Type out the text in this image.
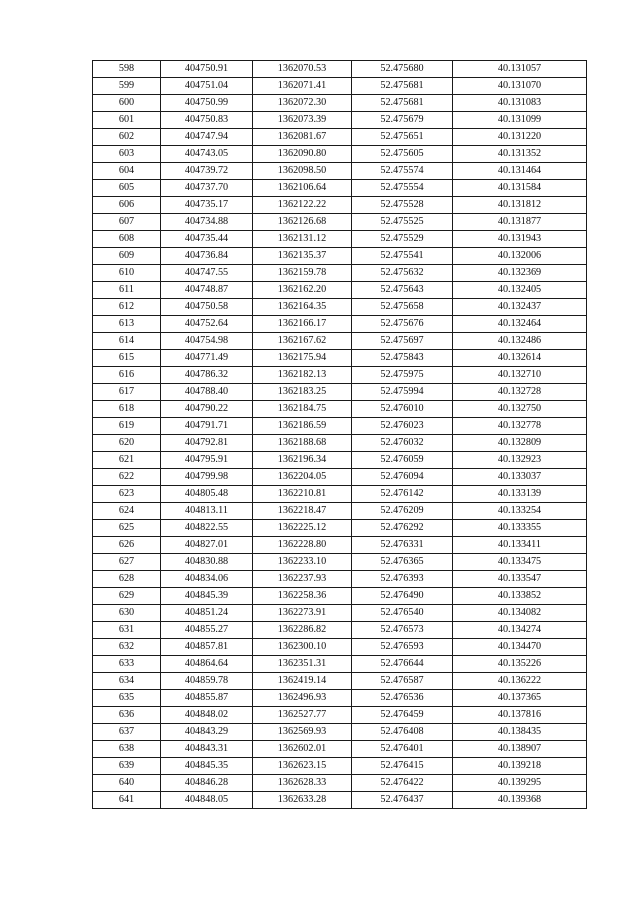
598	404750.91	1362070.53	52.475680	40.131057
599	404751.04	1362071.41	52.475681	40.131070
600	404750.99	1362072.30	52.475681	40.131083
601	404750.83	1362073.39	52.475679	40.131099
602	404747.94	1362081.67	52.475651	40.131220
603	404743.05	1362090.80	52.475605	40.131352
604	404739.72	1362098.50	52.475574	40.131464
605	404737.70	1362106.64	52.475554	40.131584
606	404735.17	1362122.22	52.475528	40.131812
607	404734.88	1362126.68	52.475525	40.131877
608	404735.44	1362131.12	52.475529	40.131943
609	404736.84	1362135.37	52.475541	40.132006
610	404747.55	1362159.78	52.475632	40.132369
611	404748.87	1362162.20	52.475643	40.132405
612	404750.58	1362164.35	52.475658	40.132437
613	404752.64	1362166.17	52.475676	40.132464
614	404754.98	1362167.62	52.475697	40.132486
615	404771.49	1362175.94	52.475843	40.132614
616	404786.32	1362182.13	52.475975	40.132710
617	404788.40	1362183.25	52.475994	40.132728
618	404790.22	1362184.75	52.476010	40.132750
619	404791.71	1362186.59	52.476023	40.132778
620	404792.81	1362188.68	52.476032	40.132809
621	404795.91	1362196.34	52.476059	40.132923
622	404799.98	1362204.05	52.476094	40.133037
623	404805.48	1362210.81	52.476142	40.133139
624	404813.11	1362218.47	52.476209	40.133254
625	404822.55	1362225.12	52.476292	40.133355
626	404827.01	1362228.80	52.476331	40.133411
627	404830.88	1362233.10	52.476365	40.133475
628	404834.06	1362237.93	52.476393	40.133547
629	404845.39	1362258.36	52.476490	40.133852
630	404851.24	1362273.91	52.476540	40.134082
631	404855.27	1362286.82	52.476573	40.134274
632	404857.81	1362300.10	52.476593	40.134470
633	404864.64	1362351.31	52.476644	40.135226
634	404859.78	1362419.14	52.476587	40.136222
635	404855.87	1362496.93	52.476536	40.137365
636	404848.02	1362527.77	52.476459	40.137816
637	404843.29	1362569.93	52.476408	40.138435
638	404843.31	1362602.01	52.476401	40.138907
639	404845.35	1362623.15	52.476415	40.139218
640	404846.28	1362628.33	52.476422	40.139295
641	404848.05	1362633.28	52.476437	40.139368
